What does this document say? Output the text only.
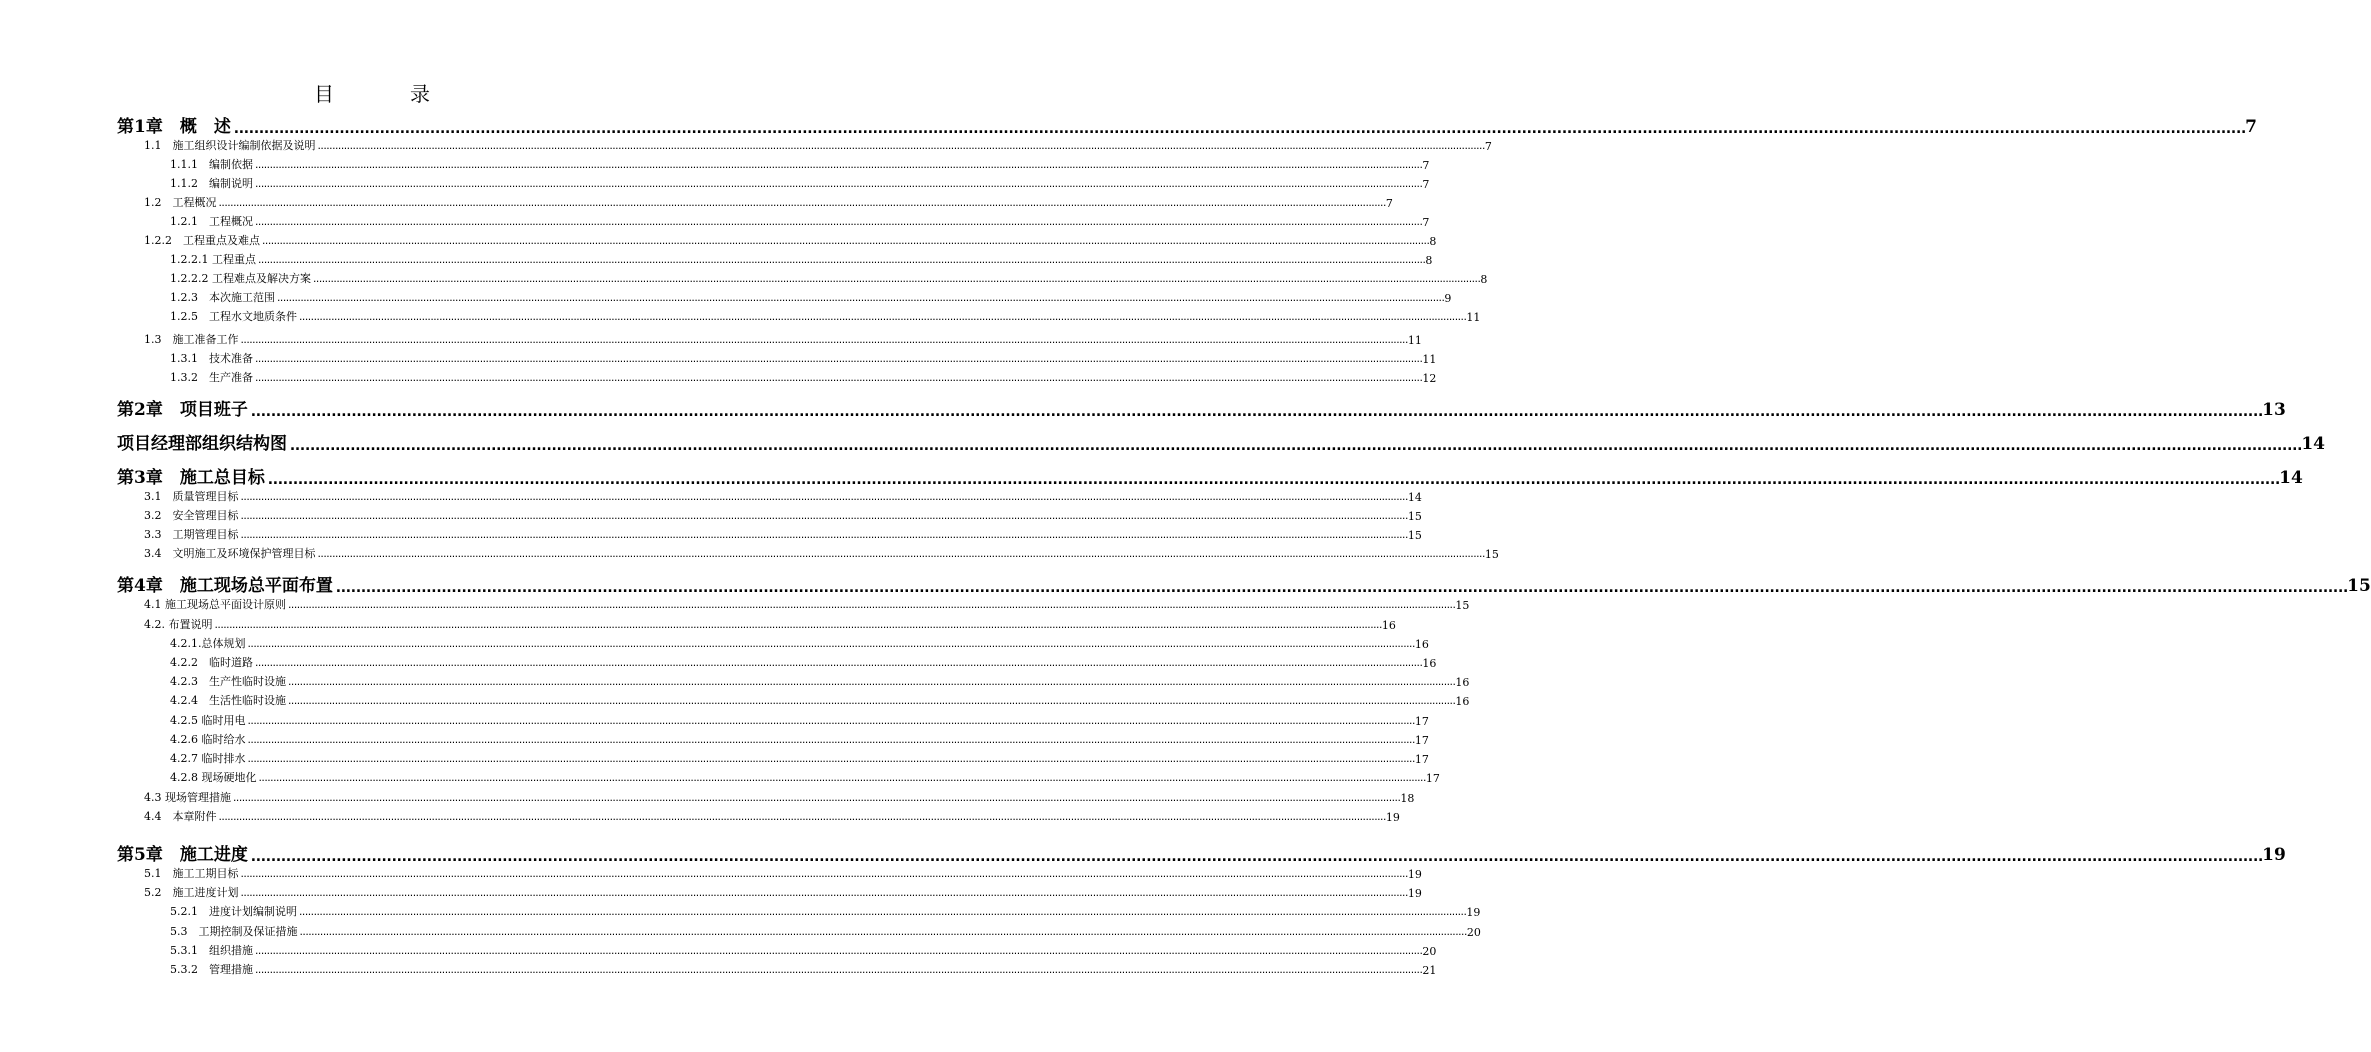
目　录
第1章　概　述 ................................................................................................................................................................................................................................................................................................................................................................................................................ 7
1.1　施工组织设计编制依据及说明 ................................................................................................................................................................................................................................................................................................................................................................................................................ 7
1.1.1　编制依据 ................................................................................................................................................................................................................................................................................................................................................................................................................ 7
1.1.2　编制说明 ................................................................................................................................................................................................................................................................................................................................................................................................................ 7
1.2　工程概况 ................................................................................................................................................................................................................................................................................................................................................................................................................ 7
1.2.1　工程概况 ................................................................................................................................................................................................................................................................................................................................................................................................................ 7
1.2.2　工程重点及难点 ................................................................................................................................................................................................................................................................................................................................................................................................................ 8
1.2.2.1 工程重点 ................................................................................................................................................................................................................................................................................................................................................................................................................ 8
1.2.2.2 工程难点及解决方案 ................................................................................................................................................................................................................................................................................................................................................................................................................ 8
1.2.3　本次施工范围 ................................................................................................................................................................................................................................................................................................................................................................................................................ 9
1.2.5　工程水文地质条件 ................................................................................................................................................................................................................................................................................................................................................................................................................ 11
1.3　施工准备工作 ................................................................................................................................................................................................................................................................................................................................................................................................................ 11
1.3.1　技术准备 ................................................................................................................................................................................................................................................................................................................................................................................................................ 11
1.3.2　生产准备 ................................................................................................................................................................................................................................................................................................................................................................................................................ 12
第2章　项目班子 ................................................................................................................................................................................................................................................................................................................................................................................................................ 13
项目经理部组织结构图 ................................................................................................................................................................................................................................................................................................................................................................................................................ 14
第3章　施工总目标 ................................................................................................................................................................................................................................................................................................................................................................................................................ 14
3.1　质量管理目标 ................................................................................................................................................................................................................................................................................................................................................................................................................ 14
3.2　安全管理目标 ................................................................................................................................................................................................................................................................................................................................................................................................................ 15
3.3　工期管理目标 ................................................................................................................................................................................................................................................................................................................................................................................................................ 15
3.4　文明施工及环境保护管理目标 ................................................................................................................................................................................................................................................................................................................................................................................................................ 15
第4章　施工现场总平面布置 ................................................................................................................................................................................................................................................................................................................................................................................................................ 15
4.1 施工现场总平面设计原则 ................................................................................................................................................................................................................................................................................................................................................................................................................ 15
4.2. 布置说明 ................................................................................................................................................................................................................................................................................................................................................................................................................ 16
4.2.1.总体规划 ................................................................................................................................................................................................................................................................................................................................................................................................................ 16
4.2.2　临时道路 ................................................................................................................................................................................................................................................................................................................................................................................................................ 16
4.2.3　生产性临时设施 ................................................................................................................................................................................................................................................................................................................................................................................................................ 16
4.2.4　生活性临时设施 ................................................................................................................................................................................................................................................................................................................................................................................................................ 16
4.2.5 临时用电 ................................................................................................................................................................................................................................................................................................................................................................................................................ 17
4.2.6 临时给水 ................................................................................................................................................................................................................................................................................................................................................................................................................ 17
4.2.7 临时排水 ................................................................................................................................................................................................................................................................................................................................................................................................................ 17
4.2.8 现场硬地化 ................................................................................................................................................................................................................................................................................................................................................................................................................ 17
4.3 现场管理措施 ................................................................................................................................................................................................................................................................................................................................................................................................................ 18
4.4　本章附件 ................................................................................................................................................................................................................................................................................................................................................................................................................ 19
第5章　施工进度 ................................................................................................................................................................................................................................................................................................................................................................................................................ 19
5.1　施工工期目标 ................................................................................................................................................................................................................................................................................................................................................................................................................ 19
5.2　施工进度计划 ................................................................................................................................................................................................................................................................................................................................................................................................................ 19
5.2.1　进度计划编制说明 ................................................................................................................................................................................................................................................................................................................................................................................................................ 19
5.3　工期控制及保证措施 ................................................................................................................................................................................................................................................................................................................................................................................................................ 20
5.3.1　组织措施 ................................................................................................................................................................................................................................................................................................................................................................................................................ 20
5.3.2　管理措施 ................................................................................................................................................................................................................................................................................................................................................................................................................ 21
